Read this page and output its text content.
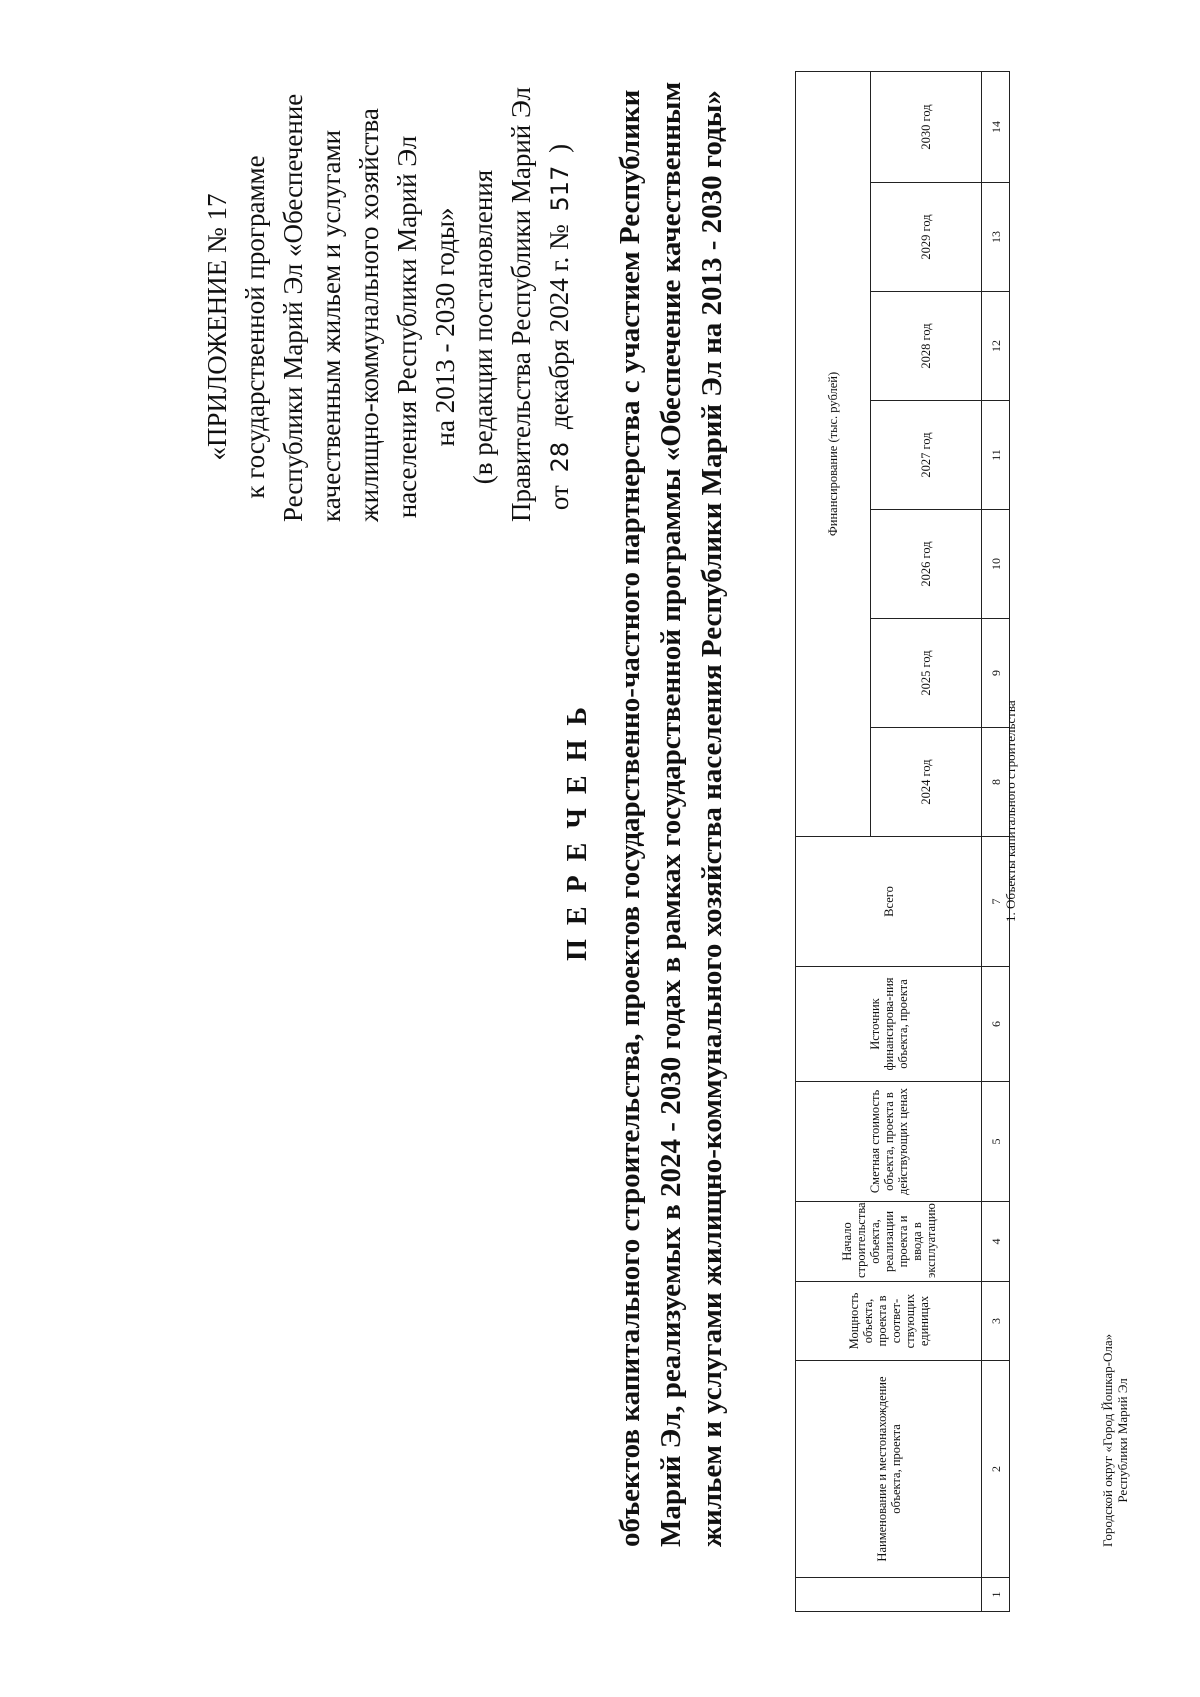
«ПРИЛОЖЕНИЕ № 17 к государственной программе Республики Марий Эл «Обеспечение качественным жильем и услугами жилищно-коммунального хозяйства населения Республики Марий Эл на 2013 - 2030 годы» (в редакции постановления Правительства Республики Марий Эл от 28 декабря 2024 г. № 517 )
ПЕРЕЧЕНЬ объектов капитального строительства, проектов государственно-частного партнерства с участием Республики Марий Эл, реализуемых в 2024 - 2030 годах в рамках государственной программы «Обеспечение качественным жильем и услугами жилищно-коммунального хозяйства населения Республики Марий Эл на 2013 - 2030 годы»
		Наименование и местонахождение объекта, проекта	Мощность объекта, проекта в соответ-ствующих единицах	Начало строительства объекта, реализации проекта и ввода в эксплуатацию	Сметная стоимость объекта, проекта в действующих ценах	Источник финансирова-ния объекта, проекта	Всего	Финансирование (тыс. рублей)						
							2024 год	2025 год	2026 год	2027 год	2028 год	2029 год	2030 год
1	2	3	4	5	6	7	8	9	10	11	12	13	14
1. Объекты капитального строительства
Городской округ «Город Йошкар-Ола» Республики Марий Эл
